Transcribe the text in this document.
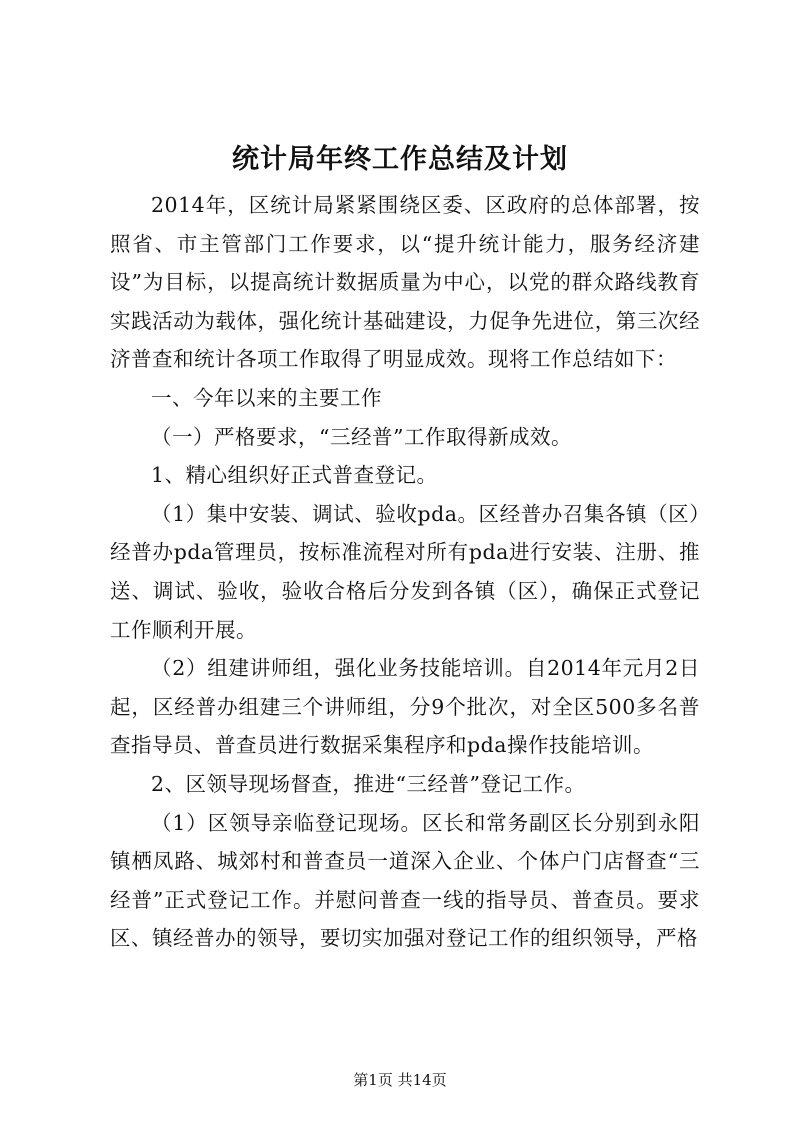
统计局年终工作总结及计划

2014年，区统计局紧紧围绕区委、区政府的总体部署，按照省、市主管部门工作要求，以“提升统计能力，服务经济建设”为目标，以提高统计数据质量为中心，以党的群众路线教育实践活动为载体，强化统计基础建设，力促争先进位，第三次经济普查和统计各项工作取得了明显成效。现将工作总结如下：

一、今年以来的主要工作

（一）严格要求，“三经普”工作取得新成效。

1、精心组织好正式普查登记。

（1）集中安装、调试、验收pda。区经普办召集各镇（区）经普办pda管理员，按标准流程对所有pda进行安装、注册、推送、调试、验收，验收合格后分发到各镇（区），确保正式登记工作顺利开展。

（2）组建讲师组，强化业务技能培训。自2014年元月2日起，区经普办组建三个讲师组，分9个批次，对全区500多名普查指导员、普查员进行数据采集程序和pda操作技能培训。

2、区领导现场督查，推进“三经普”登记工作。

（1）区领导亲临登记现场。区长和常务副区长分别到永阳镇栖凤路、城郊村和普查员一道深入企业、个体户门店督查“三经普”正式登记工作。并慰问普查一线的指导员、普查员。要求区、镇经普办的领导，要切实加强对登记工作的组织领导，严格

第1页 共14页
